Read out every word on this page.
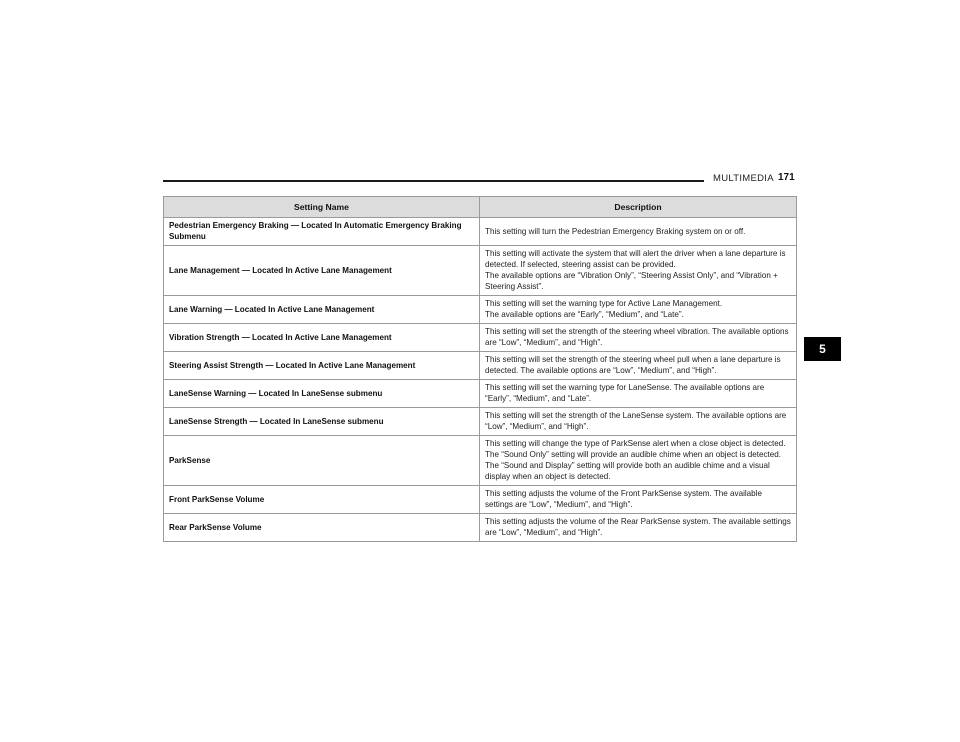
MULTIMEDIA 171
5
Setting Name	Description
Pedestrian Emergency Braking — Located In Automatic Emergency Braking Submenu	This setting will turn the Pedestrian Emergency Braking system on or off.

Lane Management — Located In Active Lane Management	This setting will activate the system that will alert the driver when a lane departure is detected. If selected, steering assist can be provided.
The available options are “Vibration Only”, “Steering Assist Only”, and “Vibration + Steering Assist”.

Lane Warning — Located In Active Lane Management	This setting will set the warning type for Active Lane Management.
The available options are “Early”, “Medium”, and “Late”.

Vibration Strength — Located In Active Lane Management	This setting will set the strength of the steering wheel vibration. The available options are “Low”, “Medium”, and “High”.

Steering Assist Strength — Located In Active Lane Management	This setting will set the strength of the steering wheel pull when a lane departure is detected. The available options are “Low”, “Medium”, and “High”.

LaneSense Warning — Located In LaneSense submenu	This setting will set the warning type for LaneSense. The available options are “Early”, “Medium”, and “Late”.

LaneSense Strength — Located In LaneSense submenu	This setting will set the strength of the LaneSense system. The available options are “Low”, “Medium”, and “High”.

ParkSense	This setting will change the type of ParkSense alert when a close object is detected. The “Sound Only” setting will provide an audible chime when an object is detected. The “Sound and Display” setting will provide both an audible chime and a visual display when an object is detected.

Front ParkSense Volume	This setting adjusts the volume of the Front ParkSense system. The available settings are “Low”, “Medium”, and “High”.

Rear ParkSense Volume	This setting adjusts the volume of the Rear ParkSense system. The available settings are “Low”, “Medium”, and “High”.
